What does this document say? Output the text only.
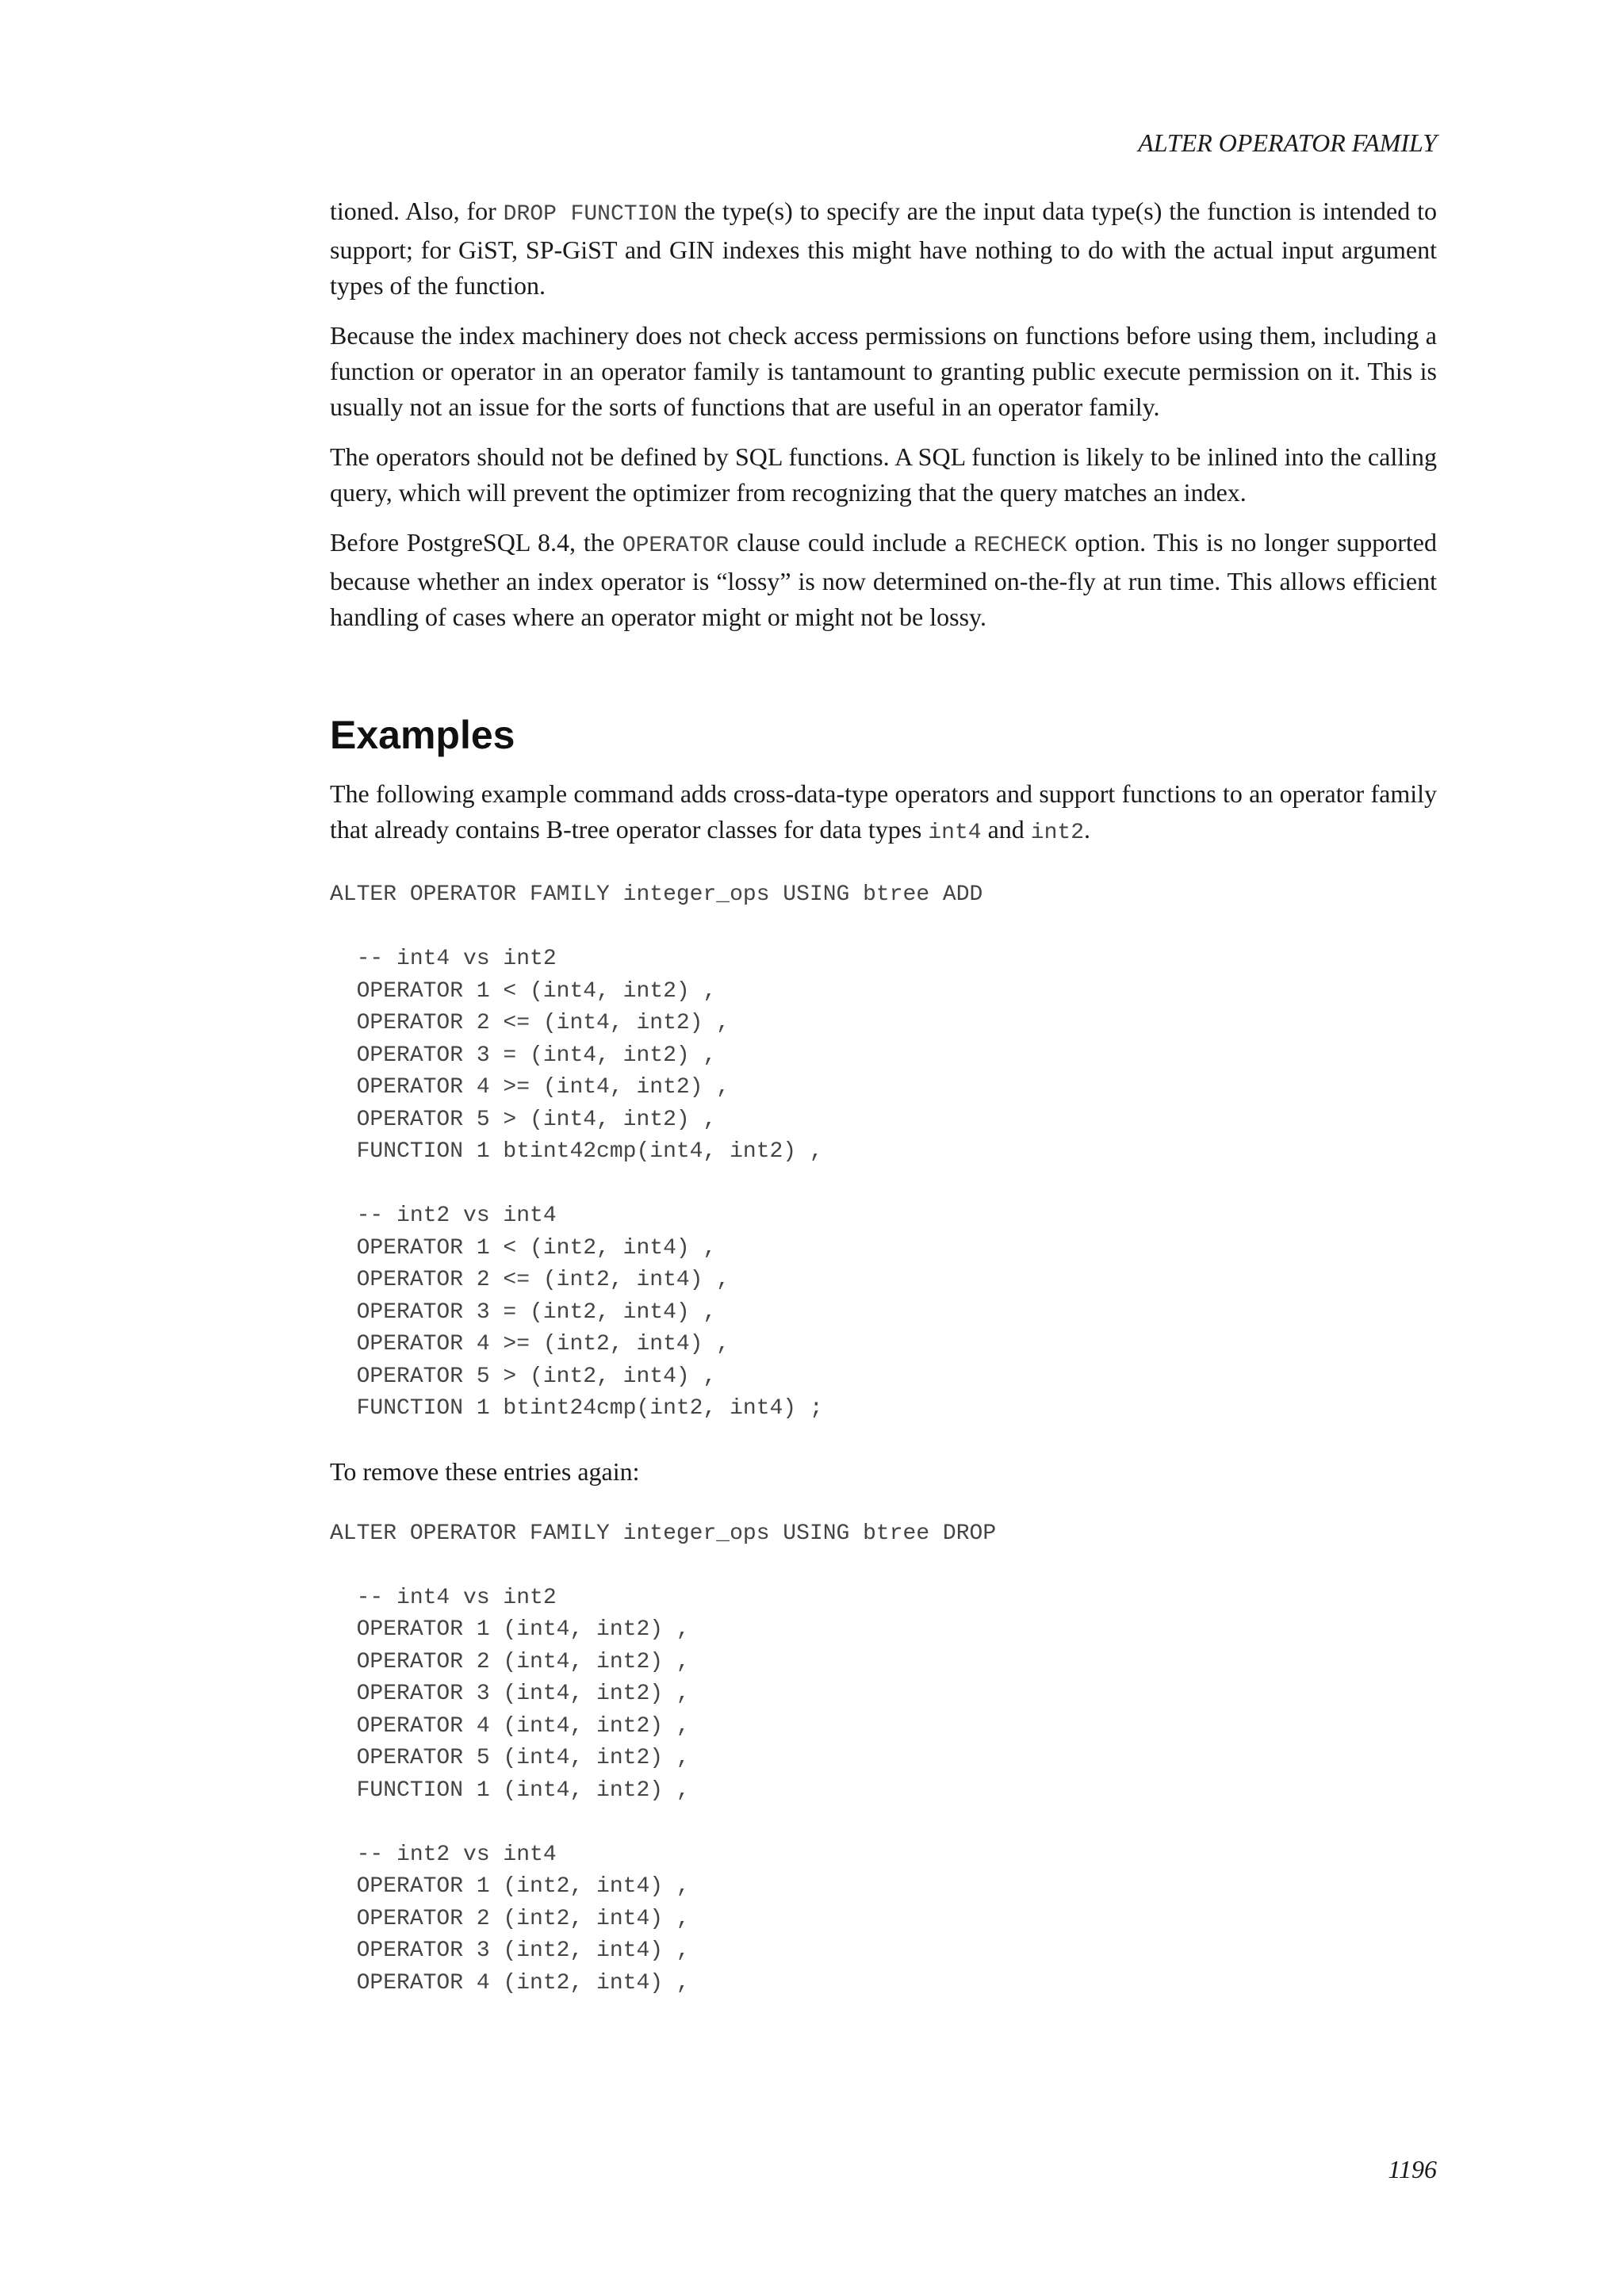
ALTER OPERATOR FAMILY

tioned. Also, for DROP FUNCTION the type(s) to specify are the input data type(s) the function is intended to support; for GiST, SP-GiST and GIN indexes this might have nothing to do with the actual input argument types of the function.

Because the index machinery does not check access permissions on functions before using them, including a function or operator in an operator family is tantamount to granting public execute permission on it. This is usually not an issue for the sorts of functions that are useful in an operator family.

The operators should not be defined by SQL functions. A SQL function is likely to be inlined into the calling query, which will prevent the optimizer from recognizing that the query matches an index.

Before PostgreSQL 8.4, the OPERATOR clause could include a RECHECK option. This is no longer supported because whether an index operator is “lossy” is now determined on-the-fly at run time. This allows efficient handling of cases where an operator might or might not be lossy.

Examples

The following example command adds cross-data-type operators and support functions to an operator family that already contains B-tree operator classes for data types int4 and int2.

ALTER OPERATOR FAMILY integer_ops USING btree ADD

-- int4 vs int2
OPERATOR 1 < (int4, int2) ,
OPERATOR 2 <= (int4, int2) ,
OPERATOR 3 = (int4, int2) ,
OPERATOR 4 >= (int4, int2) ,
OPERATOR 5 > (int4, int2) ,
FUNCTION 1 btint42cmp(int4, int2) ,

-- int2 vs int4
OPERATOR 1 < (int2, int4) ,
OPERATOR 2 <= (int2, int4) ,
OPERATOR 3 = (int2, int4) ,
OPERATOR 4 >= (int2, int4) ,
OPERATOR 5 > (int2, int4) ,
FUNCTION 1 btint24cmp(int2, int4) ;

To remove these entries again:

ALTER OPERATOR FAMILY integer_ops USING btree DROP

-- int4 vs int2
OPERATOR 1 (int4, int2) ,
OPERATOR 2 (int4, int2) ,
OPERATOR 3 (int4, int2) ,
OPERATOR 4 (int4, int2) ,
OPERATOR 5 (int4, int2) ,
FUNCTION 1 (int4, int2) ,

-- int2 vs int4
OPERATOR 1 (int2, int4) ,
OPERATOR 2 (int2, int4) ,
OPERATOR 3 (int2, int4) ,
OPERATOR 4 (int2, int4) ,
1196
